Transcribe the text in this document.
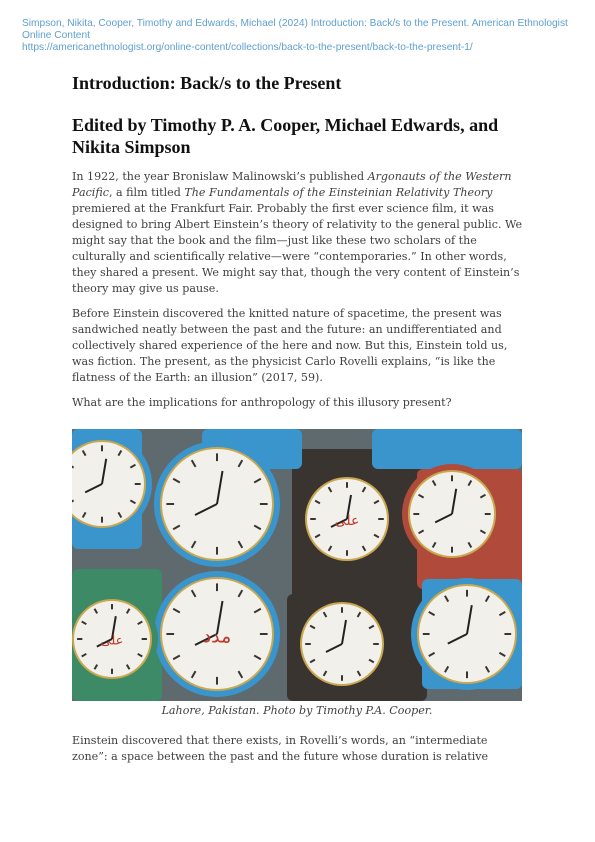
Simpson, Nikita, Cooper, Timothy and Edwards, Michael (2024) Introduction: Back/s to the Present. American Ethnologist
Online Content
https://americanethnologist.org/online-content/collections/back-to-the-present/back-to-the-present-1/
Introduction: Back/s to the Present
Edited by Timothy P. A. Cooper, Michael Edwards, and Nikita Simpson
In 1922, the year Bronislaw Malinowski’s published Argonauts of the Western Pacific, a film titled The Fundamentals of the Einsteinian Relativity Theory premiered at the Frankfurt Fair. Probably the first ever science film, it was designed to bring Albert Einstein’s theory of relativity to the general public. We might say that the book and the film—just like these two scholars of the culturally and scientifically relative—were “contemporaries.” In other words, they shared a present. We might say that, though the very content of Einstein’s theory may give us pause.
Before Einstein discovered the knitted nature of spacetime, the present was sandwiched neatly between the past and the future: an undifferentiated and collectively shared experience of the here and now. But this, Einstein told us, was fiction. The present, as the physicist Carlo Rovelli explains, “is like the flatness of the Earth: an illusion” (2017, 59).
What are the implications for anthropology of this illusory present?
مدد
علی
علی
Lahore, Pakistan. Photo by Timothy P.A. Cooper.
Einstein discovered that there exists, in Rovelli’s words, an “intermediate zone”: a space between the past and the future whose duration is relative
